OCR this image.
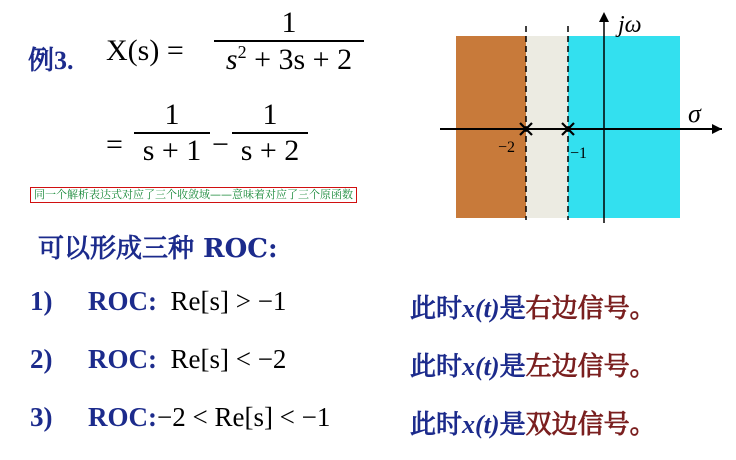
例3. X(s) =
1
$s^2 + 3s + 2$
=
1
s + 1 −
1
s + 2
同一个解析表达式对应了三个收敛域——意味着对应了三个原函数
jω
σ
−2	−1
可以形成三种 ROC:
1) ROC: Re[s] > −1	此时x(t)是右边信号。
2) ROC: Re[s] < −2	此时x(t)是左边信号。
3) ROC:−2 < Re[s] < −1	此时x(t)是双边信号。
